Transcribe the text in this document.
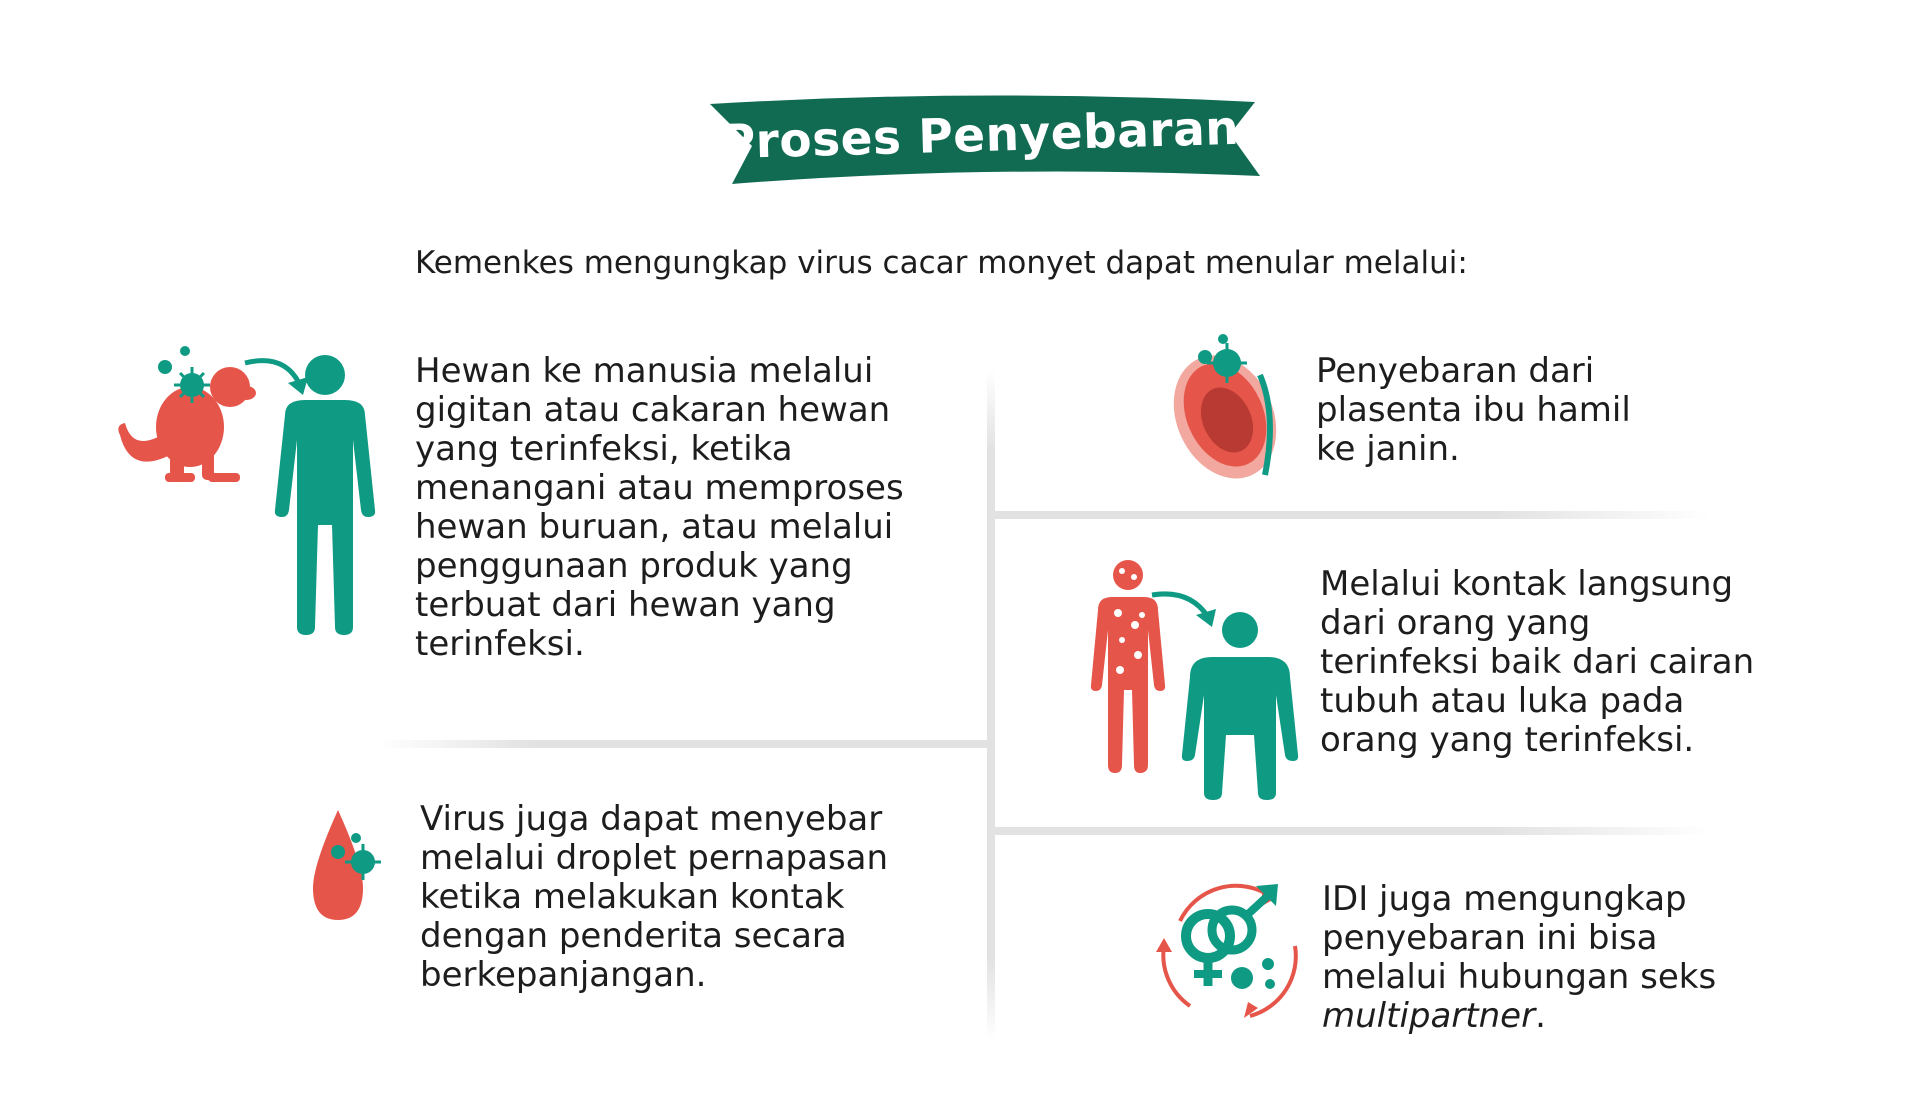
Proses Penyebaran
Kemenkes mengungkap virus cacar monyet dapat menular melalui:
Hewan ke manusia melalui
gigitan atau cakaran hewan
yang terinfeksi, ketika
menangani atau memproses
hewan buruan, atau melalui
penggunaan produk yang
terbuat dari hewan yang
terinfeksi.
Virus juga dapat menyebar
melalui droplet pernapasan
ketika melakukan kontak
dengan penderita secara
berkepanjangan.
Penyebaran dari
plasenta ibu hamil
ke janin.
Melalui kontak langsung
dari orang yang
terinfeksi baik dari cairan
tubuh atau luka pada
orang yang terinfeksi.
IDI juga mengungkap
penyebaran ini bisa
melalui hubungan seks
multipartner.
